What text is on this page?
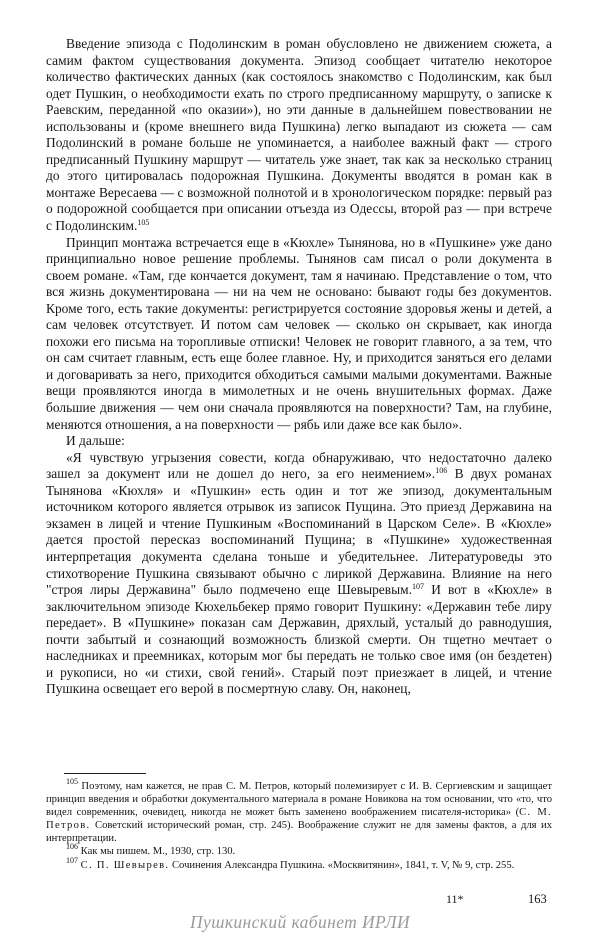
Введение эпизода с Подолинским в роман обусловлено не движением сюжета, а самим фактом существования документа. Эпизод сообщает читателю некоторое количество фактических данных (как состоялось знакомство с Подолинским, как был одет Пушкин, о необходимости ехать по строго предписанному маршруту, о записке к Раевским, переданной «по оказии»), но эти данные в дальнейшем повествовании не использованы и (кроме внешнего вида Пушкина) легко выпадают из сюжета — сам Подолинский в романе больше не упоминается, а наиболее важный факт — строго предписанный Пушкину маршрут — читатель уже знает, так как за несколько страниц до этого цитировалась подорожная Пушкина. Документы вводятся в роман как в монтаже Вересаева — с возможной полнотой и в хронологическом порядке: первый раз о подорожной сообщается при описании отъезда из Одессы, второй раз — при встрече с Подолинским.$^{105}$

Принцип монтажа встречается еще в «Кюхле» Тынянова, но в «Пушкине» уже дано принципиально новое решение проблемы. Тынянов сам писал о роли документа в своем романе. «Там, где кончается документ, там я начинаю. Представление о том, что вся жизнь документирована — ни на чем не основано: бывают годы без документов. Кроме того, есть такие документы: регистрируется состояние здоровья жены и детей, а сам человек отсутствует. И потом сам человек — сколько он скрывает, как иногда похожи его письма на торопливые отписки! Человек не говорит главного, а за тем, что он сам считает главным, есть еще более главное. Ну, и приходится заняться его делами и договаривать за него, приходится обходиться самыми малыми документами. Важные вещи проявляются иногда в мимолетных и не очень внушительных формах. Даже большие движения — чем они сначала проявляются на поверхности? Там, на глубине, меняются отношения, а на поверхности — рябь или даже все как было».

И дальше:

«Я чувствую угрызения совести, когда обнаруживаю, что недостаточно далеко зашел за документ или не дошел до него, за его неимением».$^{106}$ В двух романах Тынянова «Кюхля» и «Пушкин» есть один и тот же эпизод, документальным источником которого является отрывок из записок Пущина. Это приезд Державина на экзамен в лицей и чтение Пушкиным «Воспоминаний в Царском Селе». В «Кюхле» дается простой пересказ воспоминаний Пущина; в «Пушкине» художественная интерпретация документа сделана тоньше и убедительнее. Литературоведы это стихотворение Пушкина связывают обычно с лирикой Державина. Влияние на него "строя лиры Державина" было подмечено еще Шевыревым.$^{107}$ И вот в «Кюхле» в заключительном эпизоде Кюхельбекер прямо говорит Пушкину: «Державин тебе лиру передает». В «Пушкине» показан сам Державин, дряхлый, усталый до равнодушия, почти забытый и сознающий возможность близкой смерти. Он тщетно мечтает о наследниках и преемниках, которым мог бы передать не только свое имя (он бездетен) и рукописи, но «и стихи, свой гений». Старый поэт приезжает в лицей, и чтение Пушкина освещает его верой в посмертную славу. Он, наконец,

$^{105}$ Поэтому, нам кажется, не прав С. М. Петров, который полемизирует с И. В. Сергиевским и защищает принцип введения и обработки документального материала в романе Новикова на том основании, что «то, что видел современник, очевидец, никогда не может быть заменено воображением писателя-историка» (С. М. Петров. Советский исторический роман, стр. 245). Воображение служит не для замены фактов, а для их интерпретации.

$^{106}$ Как мы пишем. М., 1930, стр. 130.

$^{107}$ С. П. Шевырев. Сочинения Александра Пушкина. «Москвитянин», 1841, т. V, № 9, стр. 255.

11*	163
Пушкинский кабинет ИРЛИ
